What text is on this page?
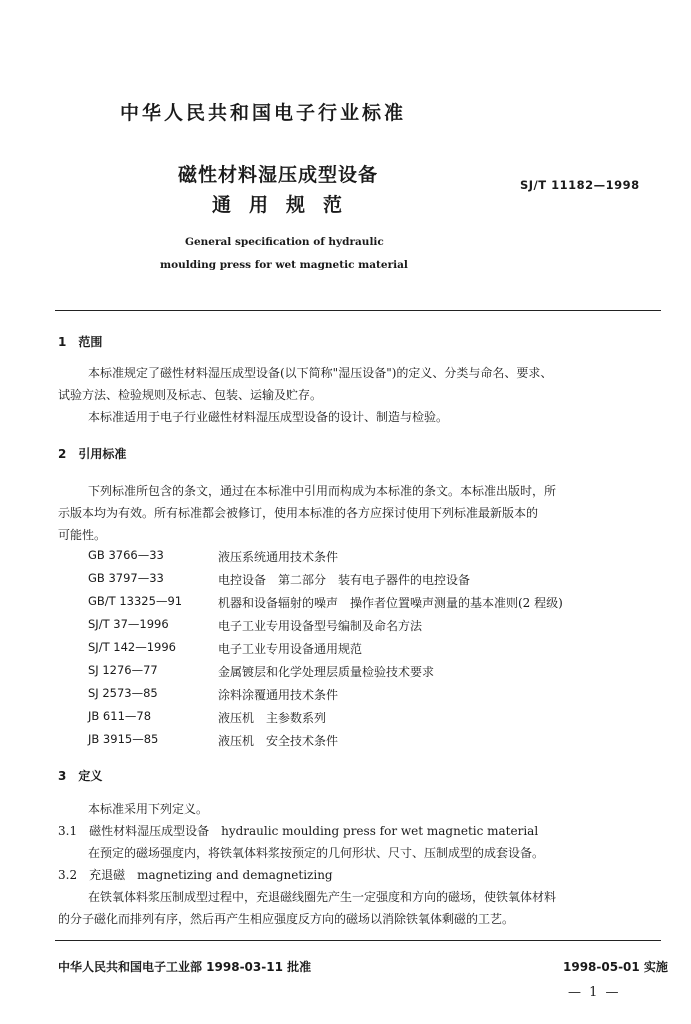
中华人民共和国电子行业标准
磁性材料湿压成型设备
通用规范
SJ/T 11182—1998
General specification of hydraulic
moulding press for wet magnetic material
1　范围
本标准规定了磁性材料湿压成型设备(以下简称"湿压设备")的定义、分类与命名、要求、
试验方法、检验规则及标志、包装、运输及贮存。
本标准适用于电子行业磁性材料湿压成型设备的设计、制造与检验。
2　引用标准
下列标准所包含的条文，通过在本标准中引用而构成为本标准的条文。本标准出版时，所
示版本均为有效。所有标准都会被修订，使用本标准的各方应探讨使用下列标准最新版本的
可能性。
GB 3766—33	液压系统通用技术条件
GB 3797—33	电控设备　第二部分　装有电子器件的电控设备
GB/T 13325—91	机器和设备辐射的噪声　操作者位置噪声测量的基本准则(2 程级)
SJ/T 37—1996	电子工业专用设备型号编制及命名方法
SJ/T 142—1996	电子工业专用设备通用规范
SJ 1276—77	金属镀层和化学处理层质量检验技术要求
SJ 2573—85	涂料涂覆通用技术条件
JB 611—78	液压机　主参数系列
JB 3915—85	液压机　安全技术条件
3　定义
本标准采用下列定义。
3.1　磁性材料湿压成型设备　hydraulic moulding press for wet magnetic material
在预定的磁场强度内，将铁氧体料浆按预定的几何形状、尺寸、压制成型的成套设备。
3.2　充退磁　magnetizing and demagnetizing
在铁氧体料浆压制成型过程中，充退磁线圈先产生一定强度和方向的磁场，使铁氧体材料
的分子磁化而排列有序，然后再产生相应强度反方向的磁场以消除铁氧体剩磁的工艺。
中华人民共和国电子工业部 1998-03-11 批准	1998-05-01 实施
— 1 —
